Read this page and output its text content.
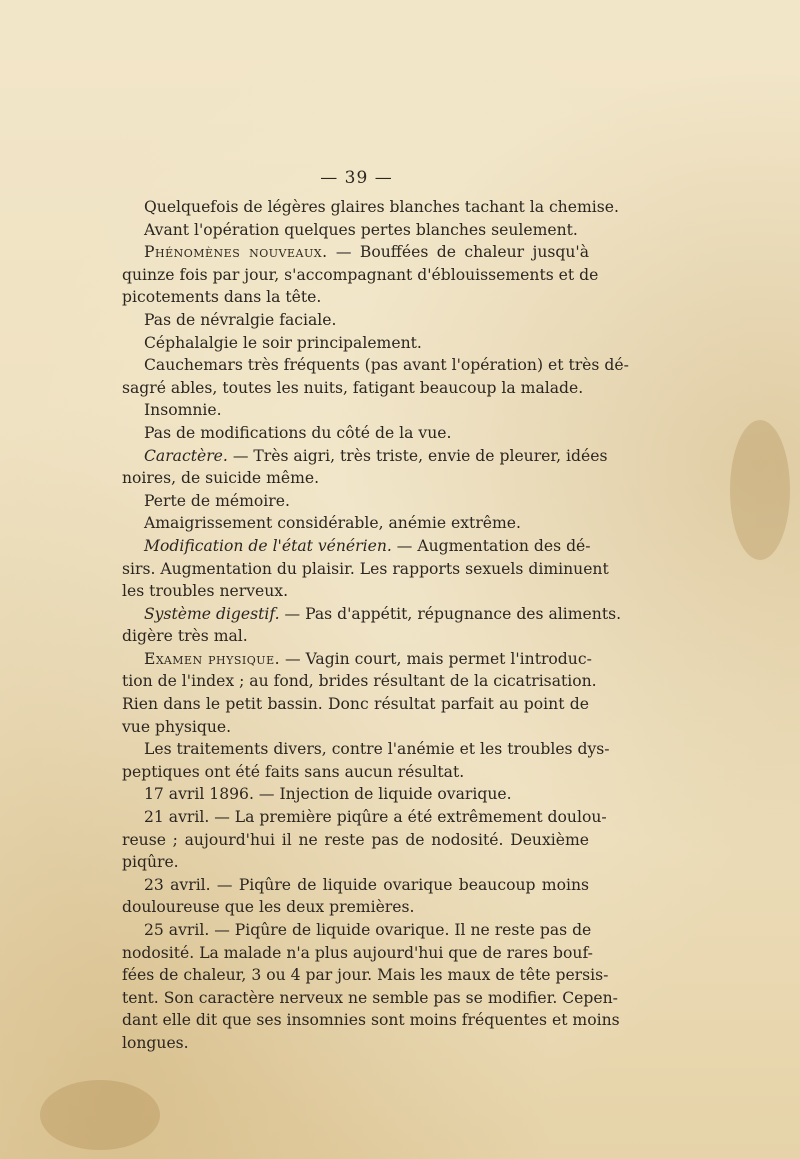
— 39 —
Quelquefois de légères glaires blanches tachant la chemise.
Avant l'opération quelques pertes blanches seulement.
Phénomènes nouveaux. — Bouffées de chaleur jusqu'à
quinze fois par jour, s'accompagnant d'éblouissements et de
picotements dans la tête.
Pas de névralgie faciale.
Céphalalgie le soir principalement.
Cauchemars très fréquents (pas avant l'opération) et très dé-
sagré ables, toutes les nuits, fatigant beaucoup la malade.
Insomnie.
Pas de modifications du côté de la vue.
Caractère. — Très aigri, très triste, envie de pleurer, idées
noires, de suicide même.
Perte de mémoire.
Amaigrissement considérable, anémie extrême.
Modification de l'état vénérien. — Augmentation des dé-
sirs. Augmentation du plaisir. Les rapports sexuels diminuent
les troubles nerveux.
Système digestif. — Pas d'appétit, répugnance des aliments.
digère très mal.
Examen physique. — Vagin court, mais permet l'introduc-
tion de l'index ; au fond, brides résultant de la cicatrisation.
Rien dans le petit bassin. Donc résultat parfait au point de
vue physique.
Les traitements divers, contre l'anémie et les troubles dys-
peptiques ont été faits sans aucun résultat.
17 avril 1896. — Injection de liquide ovarique.
21 avril. — La première piqûre a été extrêmement doulou-
reuse ; aujourd'hui il ne reste pas de nodosité. Deuxième
piqûre.
23 avril. — Piqûre de liquide ovarique beaucoup moins
douloureuse que les deux premières.
25 avril. — Piqûre de liquide ovarique. Il ne reste pas de
nodosité. La malade n'a plus aujourd'hui que de rares bouf-
fées de chaleur, 3 ou 4 par jour. Mais les maux de tête persis-
tent. Son caractère nerveux ne semble pas se modifier. Cepen-
dant elle dit que ses insomnies sont moins fréquentes et moins
longues.
